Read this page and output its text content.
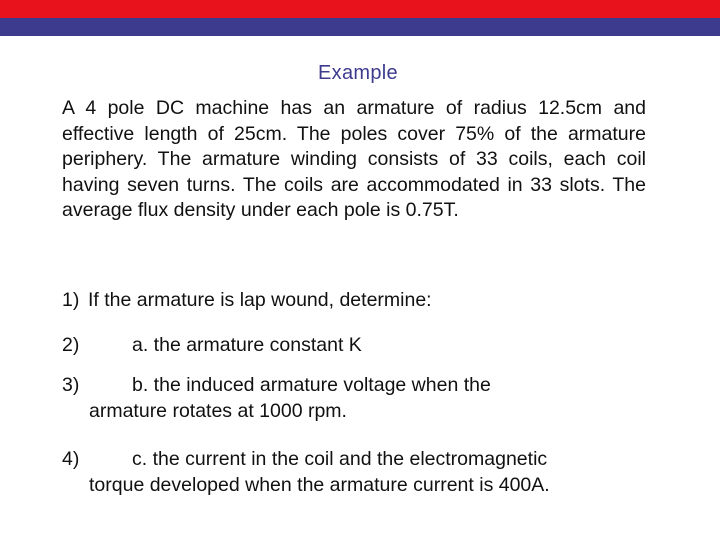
Example

A 4 pole DC machine has an armature of radius 12.5cm and effective length of 25cm. The poles cover 75% of the armature periphery. The armature winding consists of 33 coils, each coil having seven turns. The coils are accommodated in 33 slots. The average flux density under each pole is 0.75T.

1) If the armature is lap wound, determine:
2)	a. the armature constant K
3)	b. the induced armature voltage when the
armature rotates at 1000 rpm.
4)	c. the current in the coil and the electromagnetic
torque developed when the armature current is 400A.
